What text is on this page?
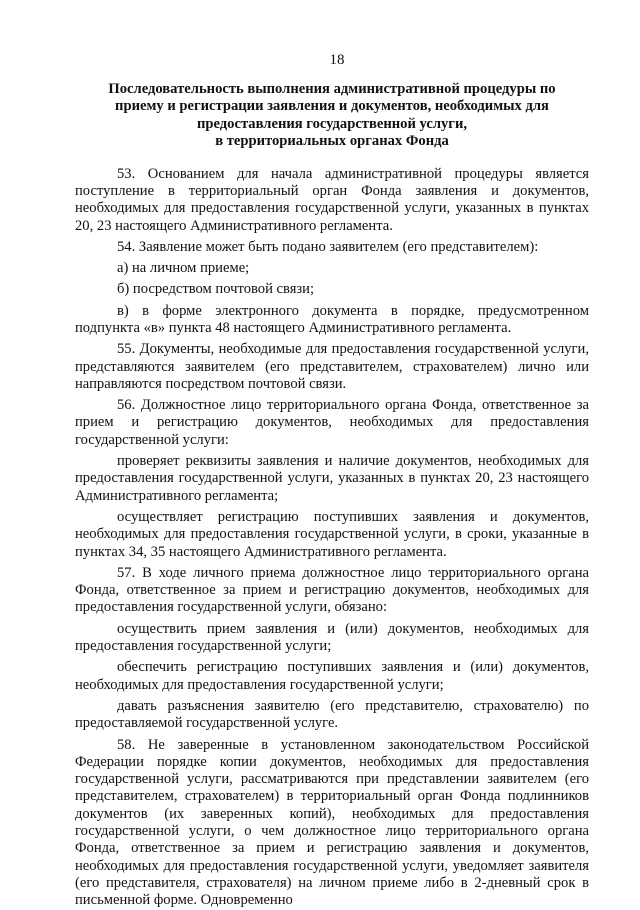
18
Последовательность выполнения административной процедуры по
приему и регистрации заявления и документов, необходимых для
предоставления государственной услуги,
в территориальных органах Фонда

53. Основанием для начала административной процедуры является поступление в территориальный орган Фонда заявления и документов, необходимых для предоставления государственной услуги, указанных в пунктах 20, 23 настоящего Административного регламента.

54. Заявление может быть подано заявителем (его представителем):

а) на личном приеме;

б) посредством почтовой связи;

в) в форме электронного документа в порядке, предусмотренном подпункта «в» пункта 48 настоящего Административного регламента.

55. Документы, необходимые для предоставления государственной услуги, представляются заявителем (его представителем, страхователем) лично или направляются посредством почтовой связи.

56. Должностное лицо территориального органа Фонда, ответственное за прием и регистрацию документов, необходимых для предоставления государственной услуги:

проверяет реквизиты заявления и наличие документов, необходимых для предоставления государственной услуги, указанных в пунктах 20, 23 настоящего Административного регламента;

осуществляет регистрацию поступивших заявления и документов, необходимых для предоставления государственной услуги, в сроки, указанные в пунктах 34, 35 настоящего Административного регламента.

57. В ходе личного приема должностное лицо территориального органа Фонда, ответственное за прием и регистрацию документов, необходимых для предоставления государственной услуги, обязано:

осуществить прием заявления и (или) документов, необходимых для предоставления государственной услуги;

обеспечить регистрацию поступивших заявления и (или) документов, необходимых для предоставления государственной услуги;

давать разъяснения заявителю (его представителю, страхователю) по предоставляемой государственной услуге.

58. Не заверенные в установленном законодательством Российской Федерации порядке копии документов, необходимых для предоставления государственной услуги, рассматриваются при представлении заявителем (его представителем, страхователем) в территориальный орган Фонда подлинников документов (их заверенных копий), необходимых для предоставления государственной услуги, о чем должностное лицо территориального органа Фонда, ответственное за прием и регистрацию заявления и документов, необходимых для предоставления государственной услуги, уведомляет заявителя (его представителя, страхователя) на личном приеме либо в 2-дневный срок в письменной форме. Одновременно
